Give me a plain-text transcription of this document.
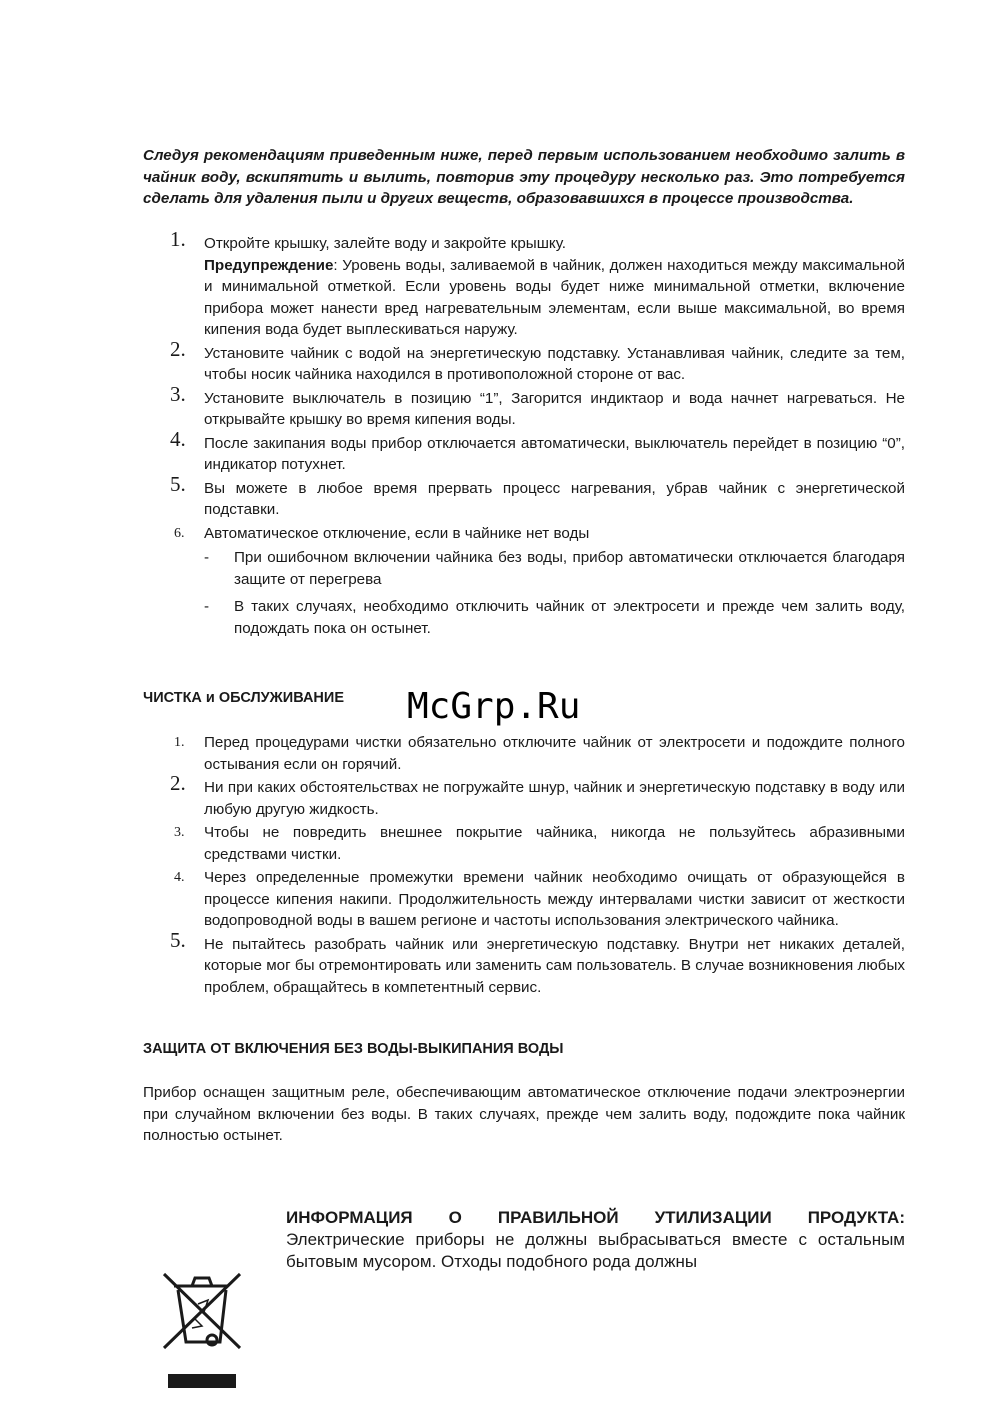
Следуя рекомендациям приведенным ниже, перед первым использованием необходимо залить в чайник воду, вскипятить и вылить, повторив эту процедуру несколько раз. Это потребуется сделать для удаления пыли и других веществ, образовавшихся в процессе производства.
1. Откройте крышку, залейте воду и закройте крышку.
Предупреждение: Уровень воды, заливаемой в чайник, должен находиться между максимальной и минимальной отметкой. Если уровень воды будет ниже минимальной отметки, включение прибора может нанести вред нагревательным элементам, если выше максимальной, во время кипения вода будет выплескиваться наружу.
2. Установите чайник с водой на энергетическую подставку. Устанавливая чайник, следите за тем, чтобы носик чайника находился в противоположной стороне от вас.
3. Установите выключатель в позицию “1”, Загорится индиктаор и вода начнет нагреваться. Не открывайте крышку во время кипения воды.
4. После закипания воды прибор отключается автоматически, выключатель перейдет в позицию “0”, индикатор потухнет.
5. Вы можете в любое время прервать процесс нагревания, убрав чайник с энергетической подставки.
6. Автоматическое отключение, если в чайнике нет воды
- При ошибочном включении чайника без воды, прибор автоматически отключается благодаря защите от перегрева
- В таких случаях, необходимо отключить чайник от электросети и прежде чем залить воду, подождать пока он остынет.
ЧИСТКА и ОБСЛУЖИВАНИЕ McGrp.Ru
1. Перед процедурами чистки обязательно отключите чайник от электросети и подождите полного остывания если он горячий.
2. Ни при каких обстоятельствах не погружайте шнур, чайник и энергетическую подставку в воду или любую другую жидкость.
3. Чтобы не повредить внешнее покрытие чайника, никогда не пользуйтесь абразивными средствами чистки.
4. Через определенные промежутки времени чайник необходимо очищать от образующейся в процессе кипения накипи. Продолжительность между интервалами чистки зависит от жесткости водопроводной воды в вашем регионе и частоты использования электрического чайника.
5. Не пытайтесь разобрать чайник или энергетическую подставку. Внутри нет никаких деталей, которые мог бы отремонтировать или заменить сам пользователь. В случае возникновения любых проблем, обращайтесь в компетентный сервис.
ЗАЩИТА ОТ ВКЛЮЧЕНИЯ БЕЗ ВОДЫ-ВЫКИПАНИЯ ВОДЫ
Прибор оснащен защитным реле, обеспечивающим автоматическое отключение подачи электроэнергии при случайном включении без воды. В таких случаях, прежде чем залить воду, подождите пока чайник полностью остынет.
ИНФОРМАЦИЯ О ПРАВИЛЬНОЙ УТИЛИЗАЦИИ ПРОДУКТА:
Электрические приборы не должны выбрасываться вместе с остальным бытовым мусором. Отходы подобного рода должны
